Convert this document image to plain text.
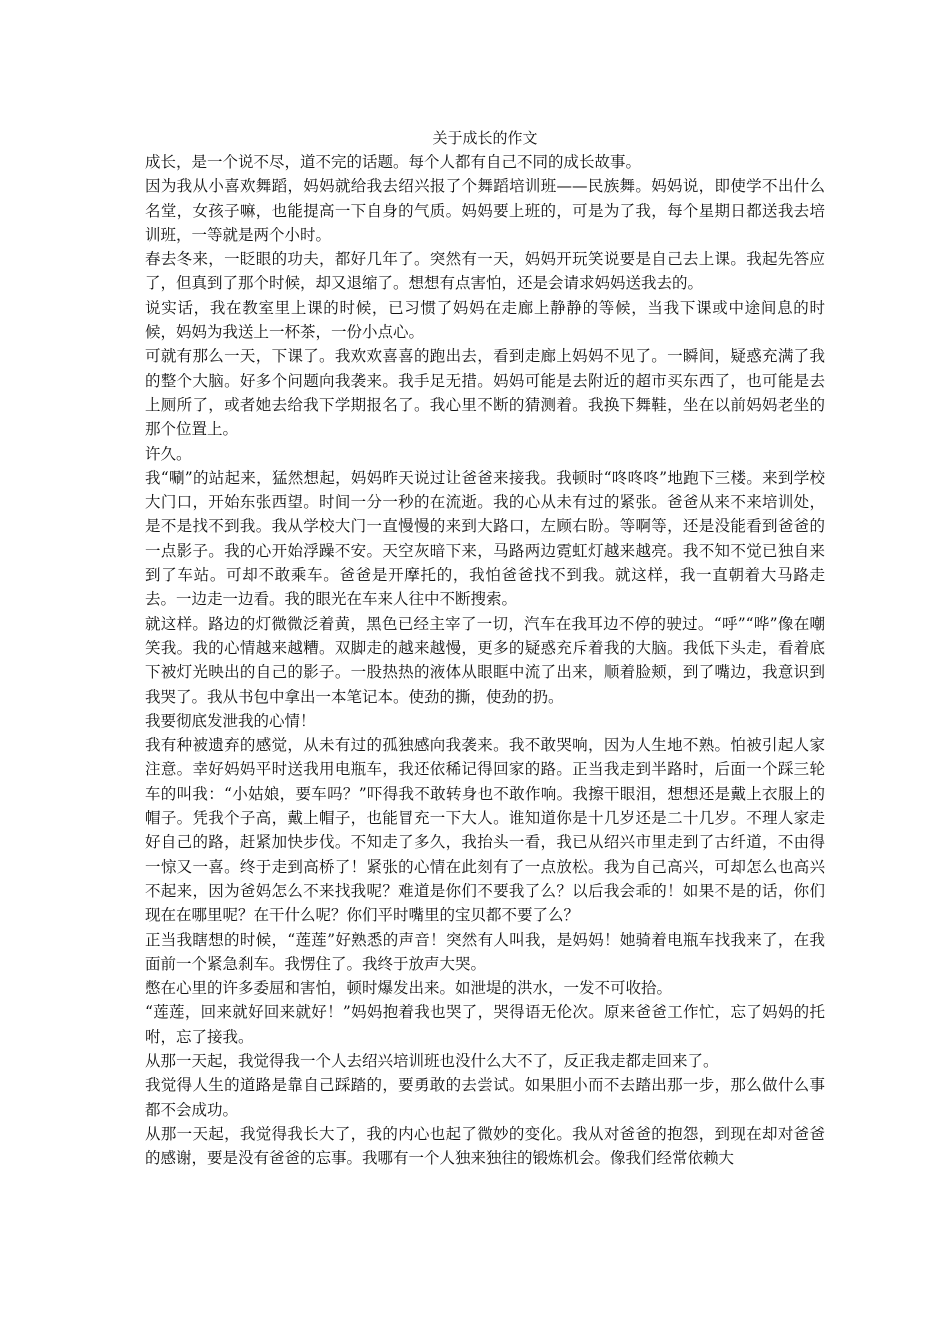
关于成长的作文

成长，是一个说不尽，道不完的话题。每个人都有自己不同的成长故事。

因为我从小喜欢舞蹈，妈妈就给我去绍兴报了个舞蹈培训班——民族舞。妈妈说，即使学不出什么名堂，女孩子嘛，也能提高一下自身的气质。妈妈要上班的，可是为了我，每个星期日都送我去培训班，一等就是两个小时。

春去冬来，一眨眼的功夫，都好几年了。突然有一天，妈妈开玩笑说要是自己去上课。我起先答应了，但真到了那个时候，却又退缩了。想想有点害怕，还是会请求妈妈送我去的。

说实话，我在教室里上课的时候，已习惯了妈妈在走廊上静静的等候，当我下课或中途间息的时候，妈妈为我送上一杯茶，一份小点心。

可就有那么一天，下课了。我欢欢喜喜的跑出去，看到走廊上妈妈不见了。一瞬间，疑惑充满了我的整个大脑。好多个问题向我袭来。我手足无措。妈妈可能是去附近的超市买东西了，也可能是去上厕所了，或者她去给我下学期报名了。我心里不断的猜测着。我换下舞鞋，坐在以前妈妈老坐的那个位置上。

许久。

我“唰”的站起来，猛然想起，妈妈昨天说过让爸爸来接我。我顿时“咚咚咚”地跑下三楼。来到学校大门口，开始东张西望。时间一分一秒的在流逝。我的心从未有过的紧张。爸爸从来不来培训处，是不是找不到我。我从学校大门一直慢慢的来到大路口，左顾右盼。等啊等，还是没能看到爸爸的一点影子。我的心开始浮躁不安。天空灰暗下来，马路两边霓虹灯越来越亮。我不知不觉已独自来到了车站。可却不敢乘车。爸爸是开摩托的，我怕爸爸找不到我。就这样，我一直朝着大马路走去。一边走一边看。我的眼光在车来人往中不断搜索。

就这样。路边的灯微微泛着黄，黑色已经主宰了一切，汽车在我耳边不停的驶过。“呼”“哗”像在嘲笑我。我的心情越来越糟。双脚走的越来越慢，更多的疑惑充斥着我的大脑。我低下头走，看着底下被灯光映出的自己的影子。一股热热的液体从眼眶中流了出来，顺着脸颊，到了嘴边，我意识到我哭了。我从书包中拿出一本笔记本。使劲的撕，使劲的扔。

我要彻底发泄我的心情！

我有种被遗弃的感觉，从未有过的孤独感向我袭来。我不敢哭响，因为人生地不熟。怕被引起人家注意。幸好妈妈平时送我用电瓶车，我还依稀记得回家的路。正当我走到半路时，后面一个踩三轮车的叫我：“小姑娘，要车吗？”吓得我不敢转身也不敢作响。我擦干眼泪，想想还是戴上衣服上的帽子。凭我个子高，戴上帽子，也能冒充一下大人。谁知道你是十几岁还是二十几岁。不理人家走好自己的路，赶紧加快步伐。不知走了多久，我抬头一看，我已从绍兴市里走到了古纤道，不由得一惊又一喜。终于走到高桥了！紧张的心情在此刻有了一点放松。我为自己高兴，可却怎么也高兴不起来，因为爸妈怎么不来找我呢？难道是你们不要我了么？以后我会乖的！如果不是的话，你们现在在哪里呢？在干什么呢？你们平时嘴里的宝贝都不要了么？

正当我瞎想的时候，“莲莲”好熟悉的声音！突然有人叫我，是妈妈！她骑着电瓶车找我来了，在我面前一个紧急刹车。我愣住了。我终于放声大哭。

憋在心里的许多委屈和害怕，顿时爆发出来。如泄堤的洪水，一发不可收拾。

“莲莲，回来就好回来就好！”妈妈抱着我也哭了，哭得语无伦次。原来爸爸工作忙，忘了妈妈的托咐，忘了接我。

从那一天起，我觉得我一个人去绍兴培训班也没什么大不了，反正我走都走回来了。

我觉得人生的道路是靠自己踩踏的，要勇敢的去尝试。如果胆小而不去踏出那一步，那么做什么事都不会成功。

从那一天起，我觉得我长大了，我的内心也起了微妙的变化。我从对爸爸的抱怨，到现在却对爸爸的感谢，要是没有爸爸的忘事。我哪有一个人独来独往的锻炼机会。像我们经常依赖大
